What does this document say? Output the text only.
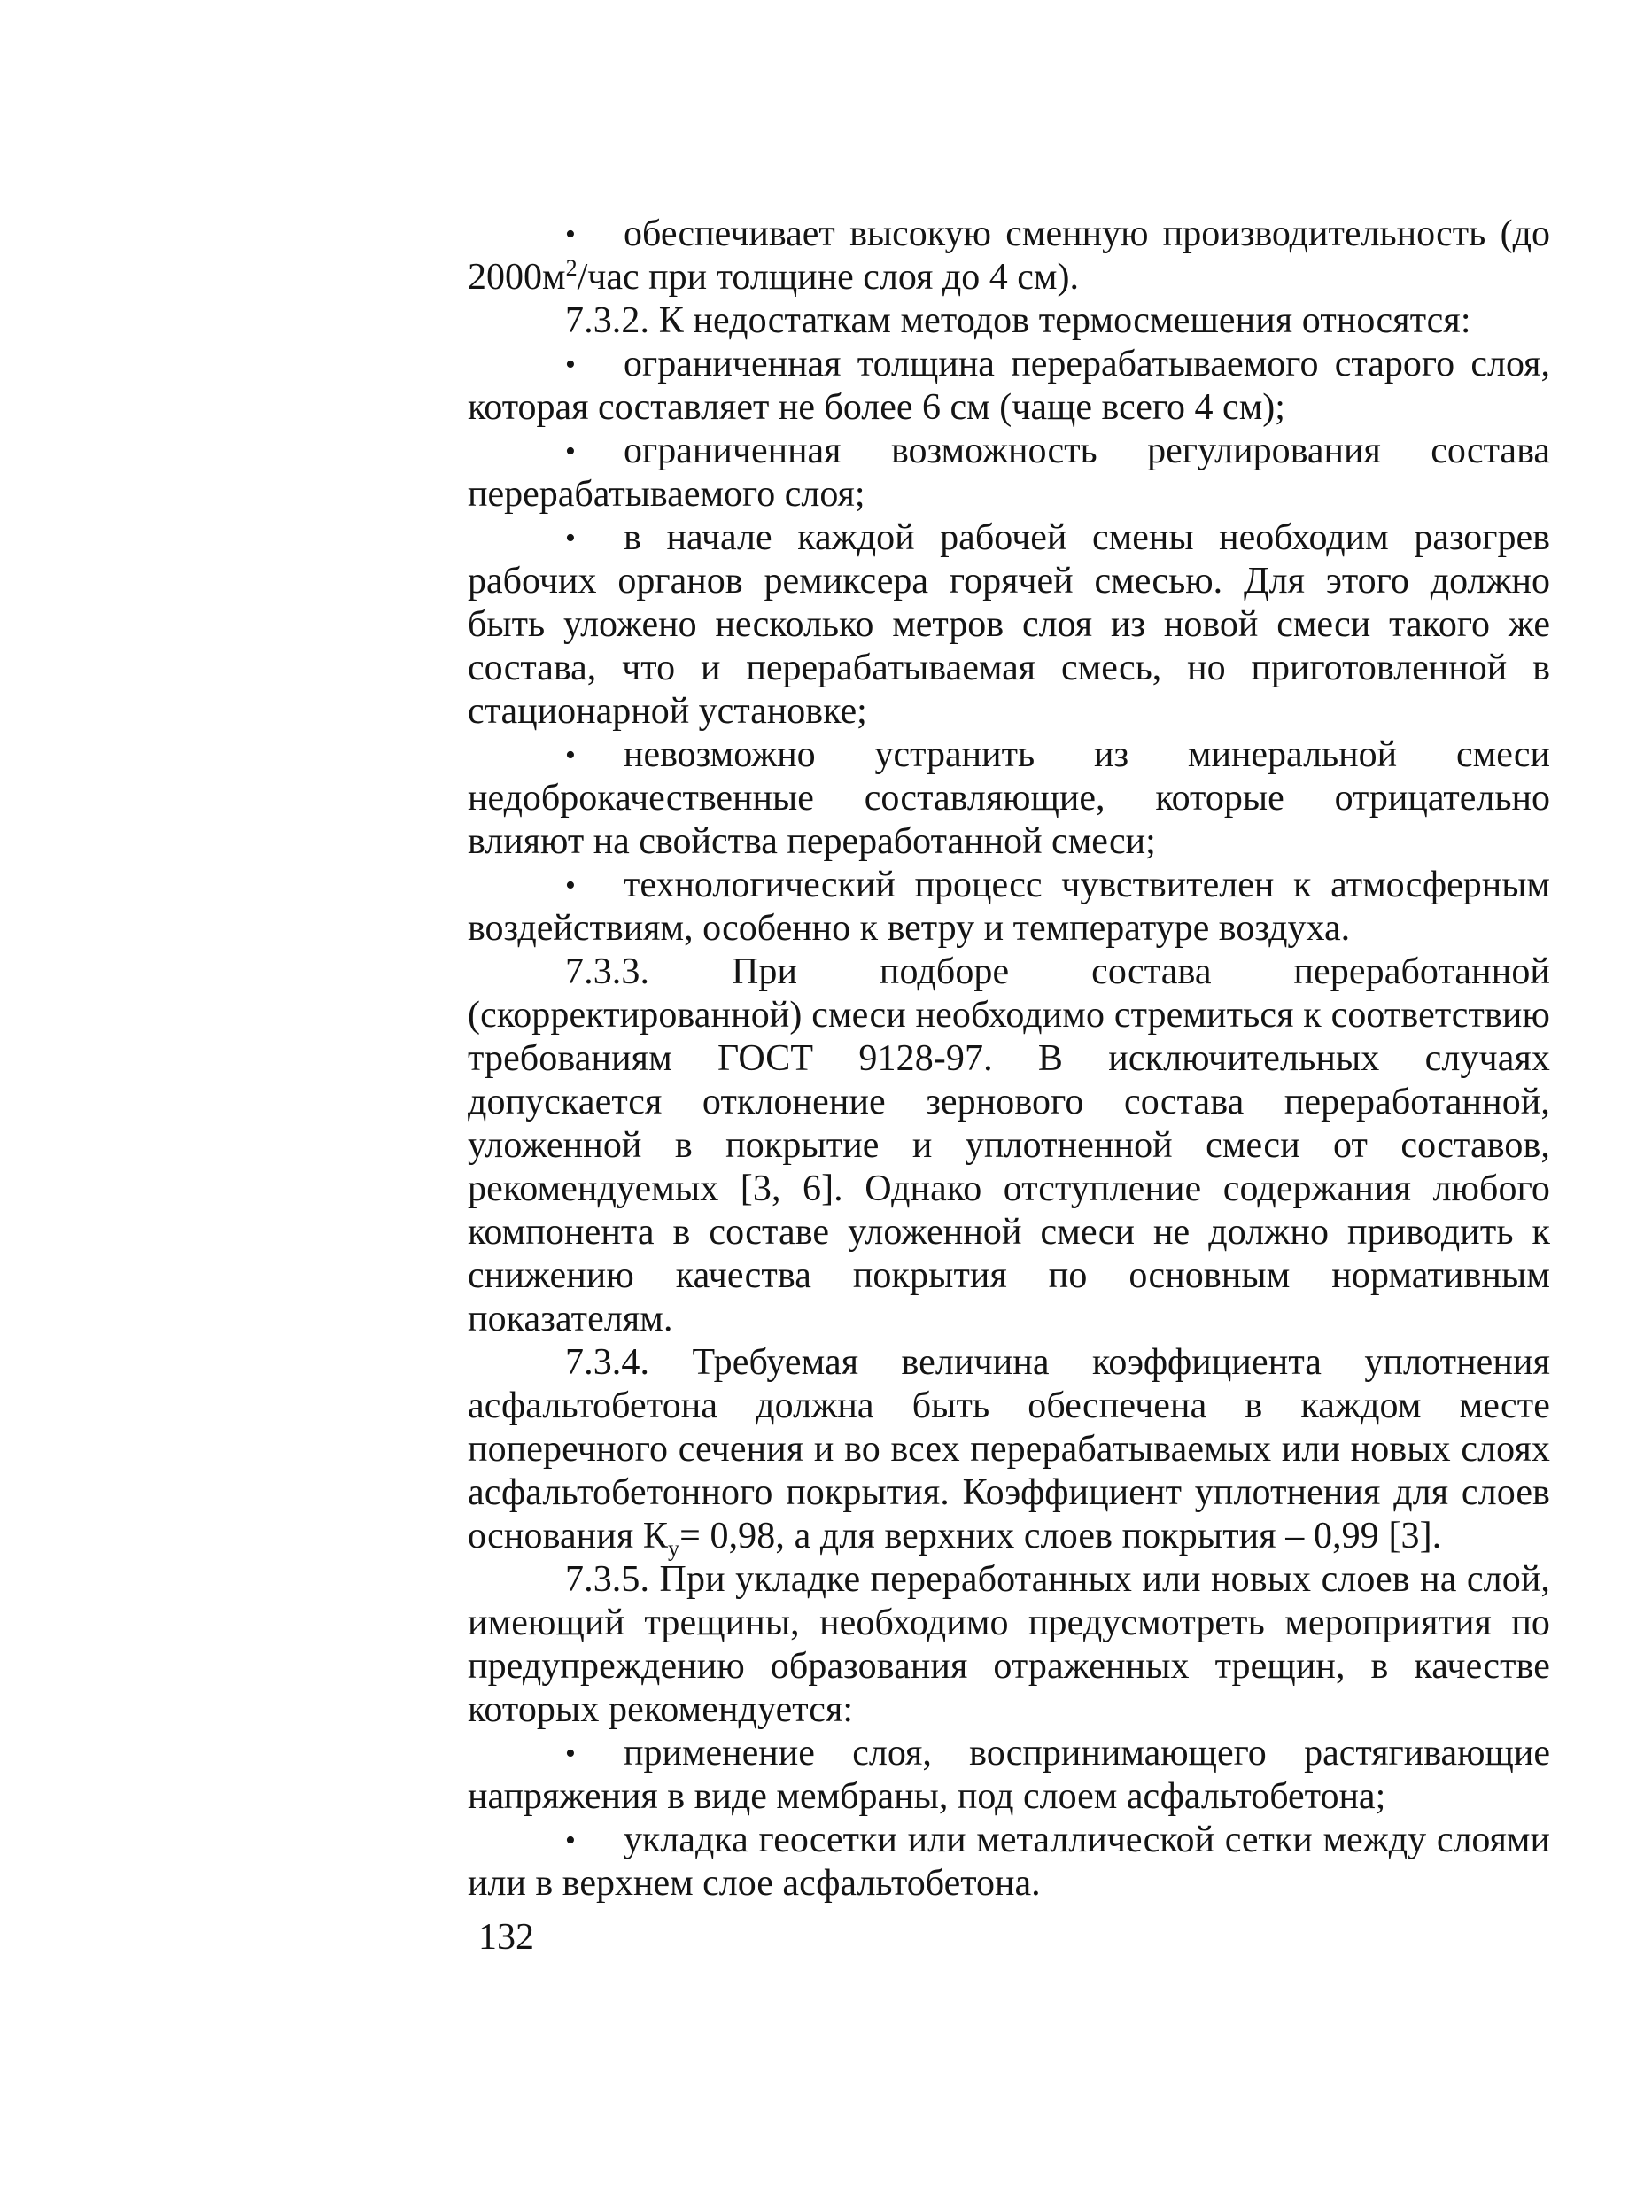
• обеспечивает высокую сменную производительность (до $2000м^2$/час при толщине слоя до 4 см).

7.3.2. К недостаткам методов термосмешения относятся:

• ограниченная толщина перерабатываемого старого слоя, которая составляет не более 6 см (чаще всего 4 см);

• ограниченная возможность регулирования состава перерабатываемого слоя;

• в начале каждой рабочей смены необходим разогрев рабочих органов ремиксера горячей смесью. Для этого должно быть уложено несколько метров слоя из новой смеси такого же состава, что и перерабатываемая смесь, но приготовленной в стационарной установке;

• невозможно устранить из минеральной смеси недоброкачественные составляющие, которые отрицательно влияют на свойства переработанной смеси;

• технологический процесс чувствителен к атмосферным воздействиям, особенно к ветру и температуре воздуха.

7.3.3. При подборе состава переработанной (скорректированной) смеси необходимо стремиться к соответствию требованиям ГОСТ 9128-97. В исключительных случаях допускается отклонение зернового состава переработанной, уложенной в покрытие и уплотненной смеси от составов, рекомендуемых [3, 6]. Однако отступление содержания любого компонента в составе уложенной смеси не должно приводить к снижению качества покрытия по основным нормативным показателям.

7.3.4. Требуемая величина коэффициента уплотнения асфальтобетона должна быть обеспечена в каждом месте поперечного сечения и во всех перерабатываемых или новых слоях асфальтобетонного покрытия. Коэффициент уплотнения для слоев основания $К_у= 0,98$, а для верхних слоев покрытия – 0,99 [3].

7.3.5. При укладке переработанных или новых слоев на слой, имеющий трещины, необходимо предусмотреть мероприятия по предупреждению образования отраженных трещин, в качестве которых рекомендуется:

• применение слоя, воспринимающего растягивающие напряжения в виде мембраны, под слоем асфальтобетона;

• укладка геосетки или металлической сетки между слоями или в верхнем слое асфальтобетона.

132
